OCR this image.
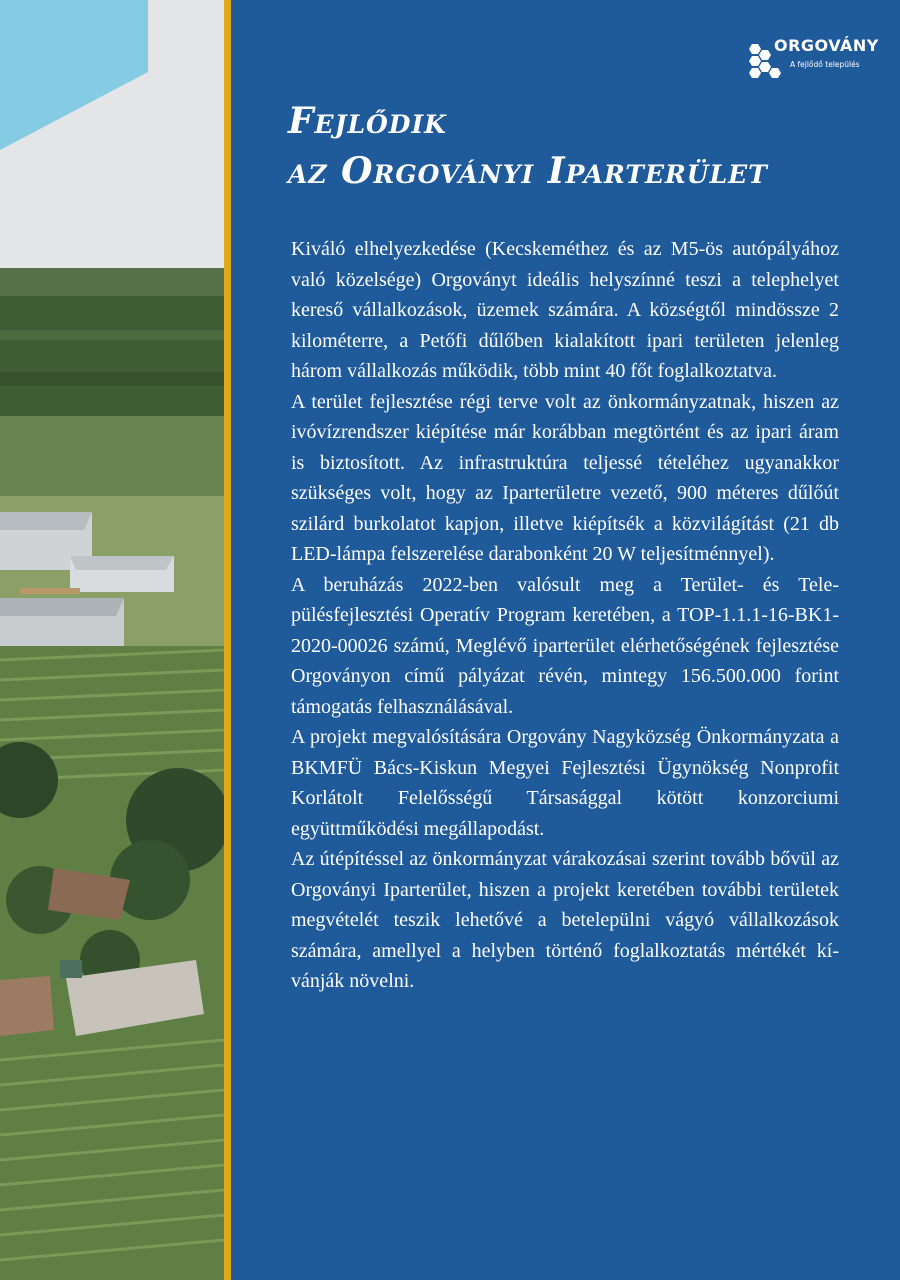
ORGOVÁNY
A fejlődő település
Fejlődik
az Orgoványi Iparterület

Kiváló elhelyezkedése (Kecskeméthez és az M5-ös autópályához való közelsége) Orgoványt ideális helyszínné teszi a telephelyet kereső vállalkozások, üzemek számára. A községtől mindössze 2 kilométerre, a Petőfi dűlőben kialakított ipari területen jelenleg három vállalkozás működik, több mint 40 főt foglalkoztatva.

A terület fejlesztése régi terve volt az önkormányzatnak, hiszen az ivóvízrendszer kiépítése már korábban megtörtént és az ipari áram is biztosított. Az infrastruktúra teljessé tételéhez ugyanakkor szükséges volt, hogy az Iparterületre vezető, 900 méteres dűlőút szilárd burkolatot kapjon, illetve kiépítsék a közvilágítást (21 db LED-lámpa felszerelése darabonként 20 W teljesítménnyel).

A beruházás 2022-ben valósult meg a Terület- és Településfejlesztési Operatív Program keretében, a TOP-1.1.1-16-BK1-2020-00026 számú, Meglévő iparterület elérhetőségének fejlesztése Orgoványon című pályázat révén, mintegy 156.500.000 forint támogatás felhasználásával.

A projekt megvalósítására Orgovány Nagyközség Önkormányzata a BKMFÜ Bács-Kiskun Megyei Fejlesztési Ügynökség Nonprofit Korlátolt Felelősségű Társasággal kötött konzorciumi együttműködési megállapodást.

Az útépítéssel az önkormányzat várakozásai szerint tovább bővül az Orgoványi Iparterület, hiszen a projekt keretében további területek megvételét teszik lehetővé a betelepülni vágyó vállalkozások számára, amellyel a helyben történő foglalkoztatás mértékét kívánják növelni.
